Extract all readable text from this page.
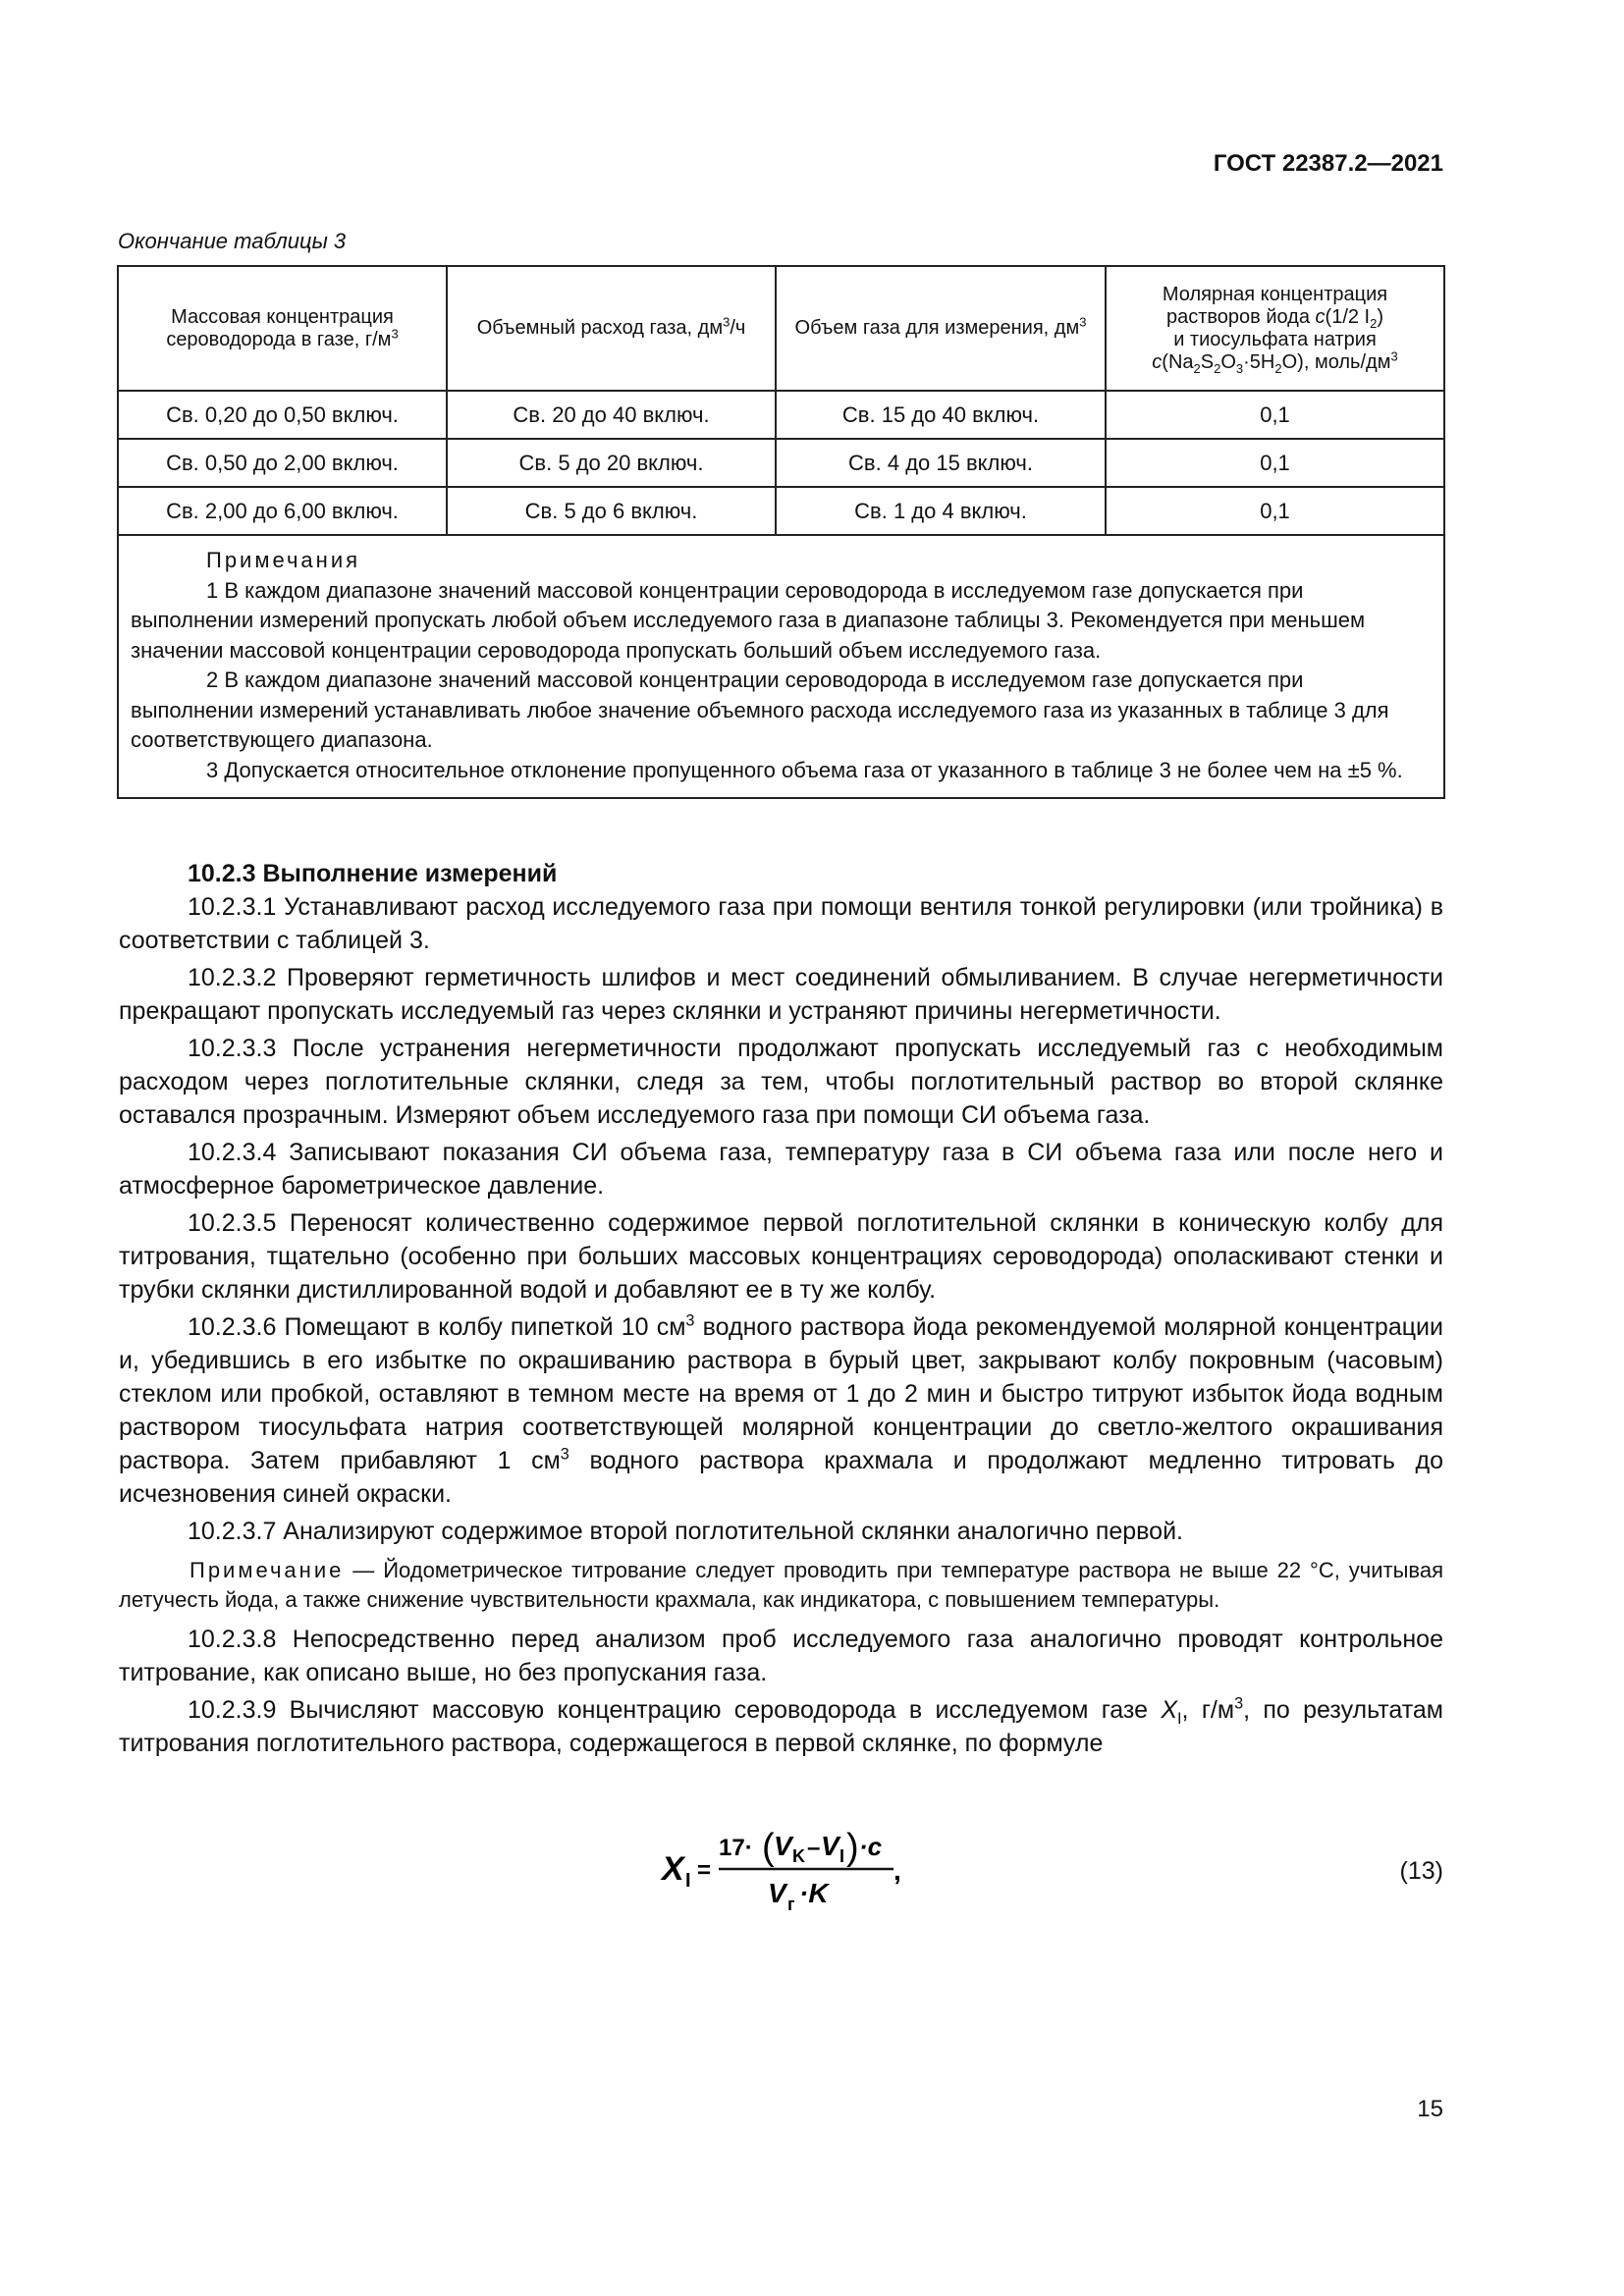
ГОСТ 22387.2—2021
Окончание таблицы 3
Массовая концентрация сероводорода в газе, $г/м^3$	Объемный расход газа, $дм^3/ч$	Объем газа для измерения, $дм^3$	Молярная концентрация растворов йода c(1/2 $I_2$)
и тиосульфата натрия
$c(Na_2S_2O_3\cdot 5H_2O)$, моль/$дм^3$
Св. 0,20 до 0,50 включ.	Св. 20 до 40 включ.	Св. 15 до 40 включ.	0,1
Св. 0,50 до 2,00 включ.	Св. 5 до 20 включ.	Св. 4 до 15 включ.	0,1
Св. 2,00 до 6,00 включ.	Св. 5 до 6 включ.	Св. 1 до 4 включ.	0,1

Примечания
1 В каждом диапазоне значений массовой концентрации сероводорода в исследуемом газе допускается при выполнении измерений пропускать любой объем исследуемого газа в диапазоне таблицы 3. Рекомендуется при меньшем значении массовой концентрации сероводорода пропускать больший объем исследуемого газа.
2 В каждом диапазоне значений массовой концентрации сероводорода в исследуемом газе допускается при выполнении измерений устанавливать любое значение объемного расхода исследуемого газа из указанных в таблице 3 для соответствующего диапазона.
3 Допускается относительное отклонение пропущенного объема газа от указанного в таблице 3 не более чем на ±5 %.			

10.2.3 Выполнение измерений

10.2.3.1 Устанавливают расход исследуемого газа при помощи вентиля тонкой регулировки (или тройника) в соответствии с таблицей 3.

10.2.3.2 Проверяют герметичность шлифов и мест соединений обмыливанием. В случае негерметичности прекращают пропускать исследуемый газ через склянки и устраняют причины негерметичности.

10.2.3.3 После устранения негерметичности продолжают пропускать исследуемый газ с необходимым расходом через поглотительные склянки, следя за тем, чтобы поглотительный раствор во второй склянке оставался прозрачным. Измеряют объем исследуемого газа при помощи СИ объема газа.

10.2.3.4 Записывают показания СИ объема газа, температуру газа в СИ объема газа или после него и атмосферное барометрическое давление.

10.2.3.5 Переносят количественно содержимое первой поглотительной склянки в коническую колбу для титрования, тщательно (особенно при больших массовых концентрациях сероводорода) ополаскивают стенки и трубки склянки дистиллированной водой и добавляют ее в ту же колбу.

10.2.3.6 Помещают в колбу пипеткой 10 $см^3$ водного раствора йода рекомендуемой молярной концентрации и, убедившись в его избытке по окрашиванию раствора в бурый цвет, закрывают колбу покровным (часовым) стеклом или пробкой, оставляют в темном месте на время от 1 до 2 мин и быстро титруют избыток йода водным раствором тиосульфата натрия соответствующей молярной концентрации до светло-желтого окрашивания раствора. Затем прибавляют 1 $см^3$ водного раствора крахмала и продолжают медленно титровать до исчезновения синей окраски.

10.2.3.7 Анализируют содержимое второй поглотительной склянки аналогично первой.

Примечание — Йодометрическое титрование следует проводить при температуре раствора не выше 22 °С, учитывая летучесть йода, а также снижение чувствительности крахмала, как индикатора, с повышением температуры.

10.2.3.8 Непосредственно перед анализом проб исследуемого газа аналогично проводят контрольное титрование, как описано выше, но без пропускания газа.

10.2.3.9 Вычисляют массовую концентрацию сероводорода в исследуемом газе $X_I$, $г/м^3$, по результатам титрования поглотительного раствора, содержащегося в первой склянке, по формуле

X I =
17· ( V K – V I ) ·c
V г ·K
,	(13)
15
